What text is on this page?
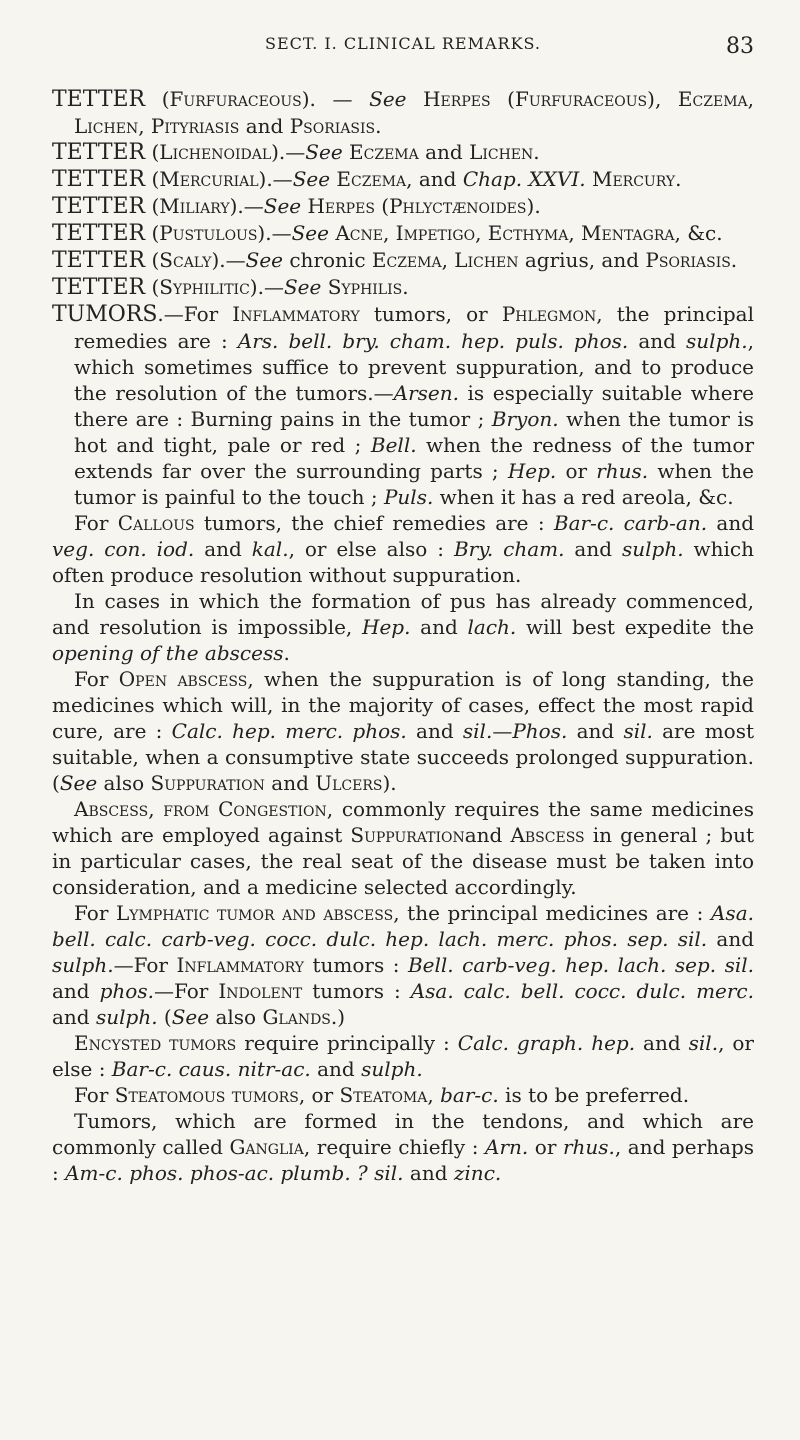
SECT. I. CLINICAL REMARKS.	83

TETTER (Furfuraceous). — See Herpes (Furfuraceous), Eczema, Lichen, Pityriasis and Psoriasis.

TETTER (Lichenoidal).—See Eczema and Lichen.

TETTER (Mercurial).—See Eczema, and Chap. XXVI. Mercury.

TETTER (Miliary).—See Herpes (Phlyctænoides).

TETTER (Pustulous).—See Acne, Impetigo, Ecthyma, Mentagra, &c.

TETTER (Scaly).—See chronic Eczema, Lichen agrius, and Psoriasis.

TETTER (Syphilitic).—See Syphilis.

TUMORS.—For Inflammatory tumors, or Phlegmon, the principal remedies are : Ars. bell. bry. cham. hep. puls. phos. and sulph., which sometimes suffice to prevent suppuration, and to produce the resolution of the tumors.—Arsen. is especially suitable where there are : Burning pains in the tumor ; Bryon. when the tumor is hot and tight, pale or red ; Bell. when the redness of the tumor extends far over the surrounding parts ; Hep. or rhus. when the tumor is painful to the touch ; Puls. when it has a red areola, &c.

For Callous tumors, the chief remedies are : Bar-c. carb-an. and veg. con. iod. and kal., or else also : Bry. cham. and sulph. which often produce resolution without suppuration.

In cases in which the formation of pus has already commenced, and resolution is impossible, Hep. and lach. will best expedite the opening of the abscess.

For Open abscess, when the suppuration is of long standing, the medicines which will, in the majority of cases, effect the most rapid cure, are : Calc. hep. merc. phos. and sil.—Phos. and sil. are most suitable, when a consumptive state succeeds prolonged suppuration. (See also Suppuration and Ulcers).

Abscess, from Congestion, commonly requires the same medicines which are employed against Suppurationand Abscess in general ; but in particular cases, the real seat of the disease must be taken into consideration, and a medicine selected accordingly.

For Lymphatic tumor and abscess, the principal medicines are : Asa. bell. calc. carb-veg. cocc. dulc. hep. lach. merc. phos. sep. sil. and sulph.—For Inflammatory tumors : Bell. carb-veg. hep. lach. sep. sil. and phos.—For Indolent tumors : Asa. calc. bell. cocc. dulc. merc. and sulph. (See also Glands.)

Encysted tumors require principally : Calc. graph. hep. and sil., or else : Bar-c. caus. nitr-ac. and sulph.

For Steatomous tumors, or Steatoma, bar-c. is to be preferred.

Tumors, which are formed in the tendons, and which are commonly called Ganglia, require chiefly : Arn. or rhus., and perhaps : Am-c. phos. phos-ac. plumb. ? sil. and zinc.
